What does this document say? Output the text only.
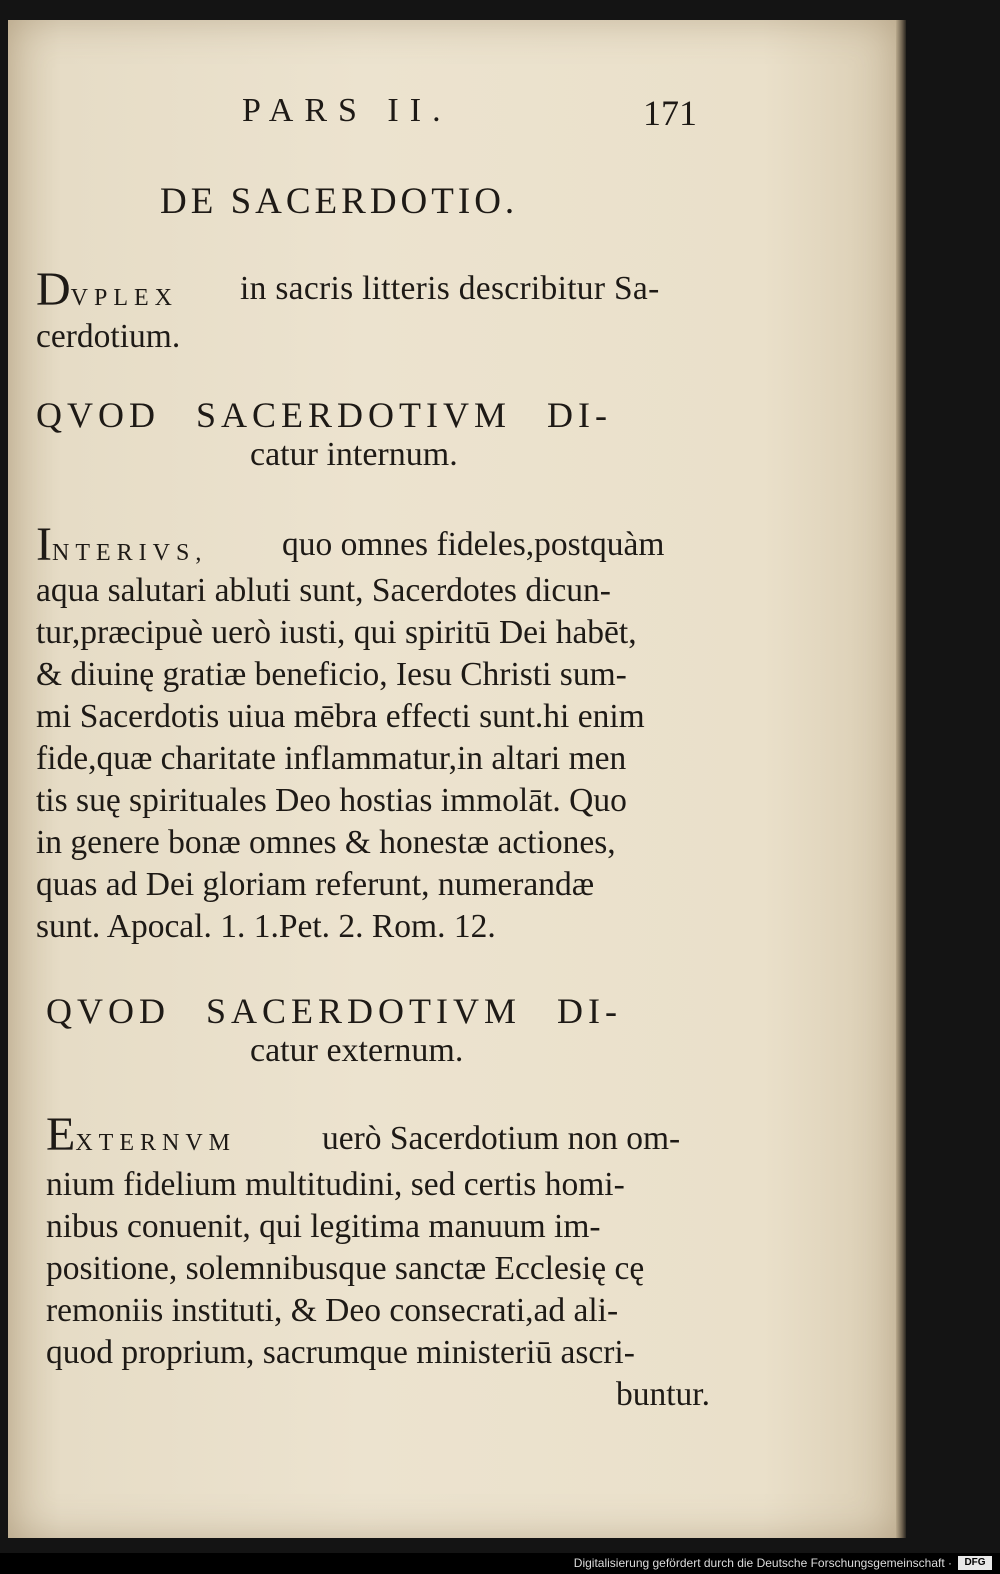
PARS II.	171
DE SACERDOTIO.
DVPLEX in sacris litteris describitur Sa-
cerdotium.
QVOD SACERDOTIVM DI-
catur internum.
INTERIVS, quo omnes fideles,postquàm
aqua salutari abluti sunt, Sacerdotes dicun-
tur,præcipuè uerò iusti, qui spiritū Dei habēt,
& diuinę gratiæ beneficio, Iesu Christi sum-
mi Sacerdotis uiua mēbra effecti sunt.hi enim
fide,quæ charitate inflammatur,in altari men
tis suę spirituales Deo hostias immolāt. Quo
in genere bonæ omnes & honestæ actiones,
quas ad Dei gloriam referunt, numerandæ
sunt. Apocal. 1. 1.Pet. 2. Rom. 12.
QVOD SACERDOTIVM DI-
catur externum.
EXTERNVM	uerò Sacerdotium non om-
nium fidelium multitudini, sed certis homi-
nibus conuenit, qui legitima manuum im-
positione, solemnibusque sanctæ Ecclesię cę
remoniis instituti, & Deo consecrati,ad ali-
quod proprium, sacrumque ministeriū ascri-
buntur.
Digitalisierung gefördert durch die Deutsche Forschungsgemeinschaft ·	DFG
